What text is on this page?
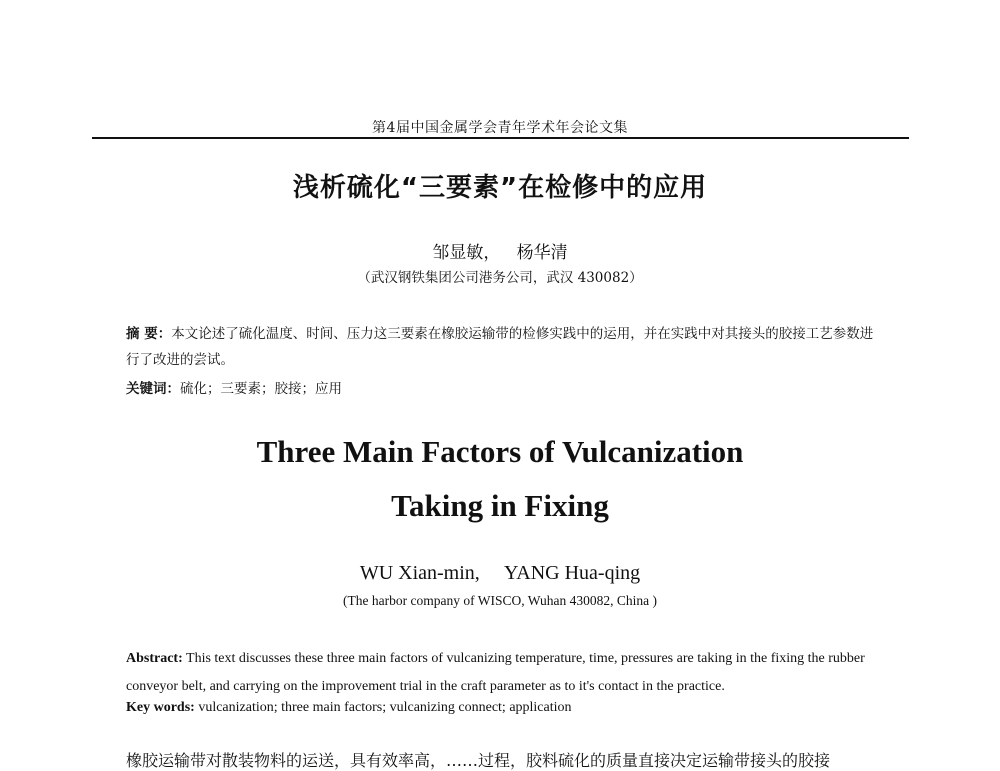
第4届中国金属学会青年学术年会论文集
浅析硫化“三要素”在检修中的应用
邹显敏，   杨华清
（武汉钢铁集团公司港务公司，武汉 430082）
摘 要：本文论述了硫化温度、时间、压力这三要素在橡胶运输带的检修实践中的运用，并在实践中对其接头的胶接工艺参数进行了改进的尝试。
关键词：硫化；三要素；胶接；应用
Three Main Factors of Vulcanization
Taking in Fixing
WU Xian-min,     YANG Hua-qing
(The harbor company of WISCO, Wuhan 430082, China )
Abstract: This text discusses these three main factors of vulcanizing temperature, time, pressures are taking in the fixing the rubber conveyor belt, and carrying on the improvement trial in the craft parameter as to it's contact in the practice.
Key words: vulcanization; three main factors; vulcanizing connect; application
橡胶运输带对散装物料的运送，具有效率高，……过程，胶料硫化的质量直接决定运输带接头的胶接
